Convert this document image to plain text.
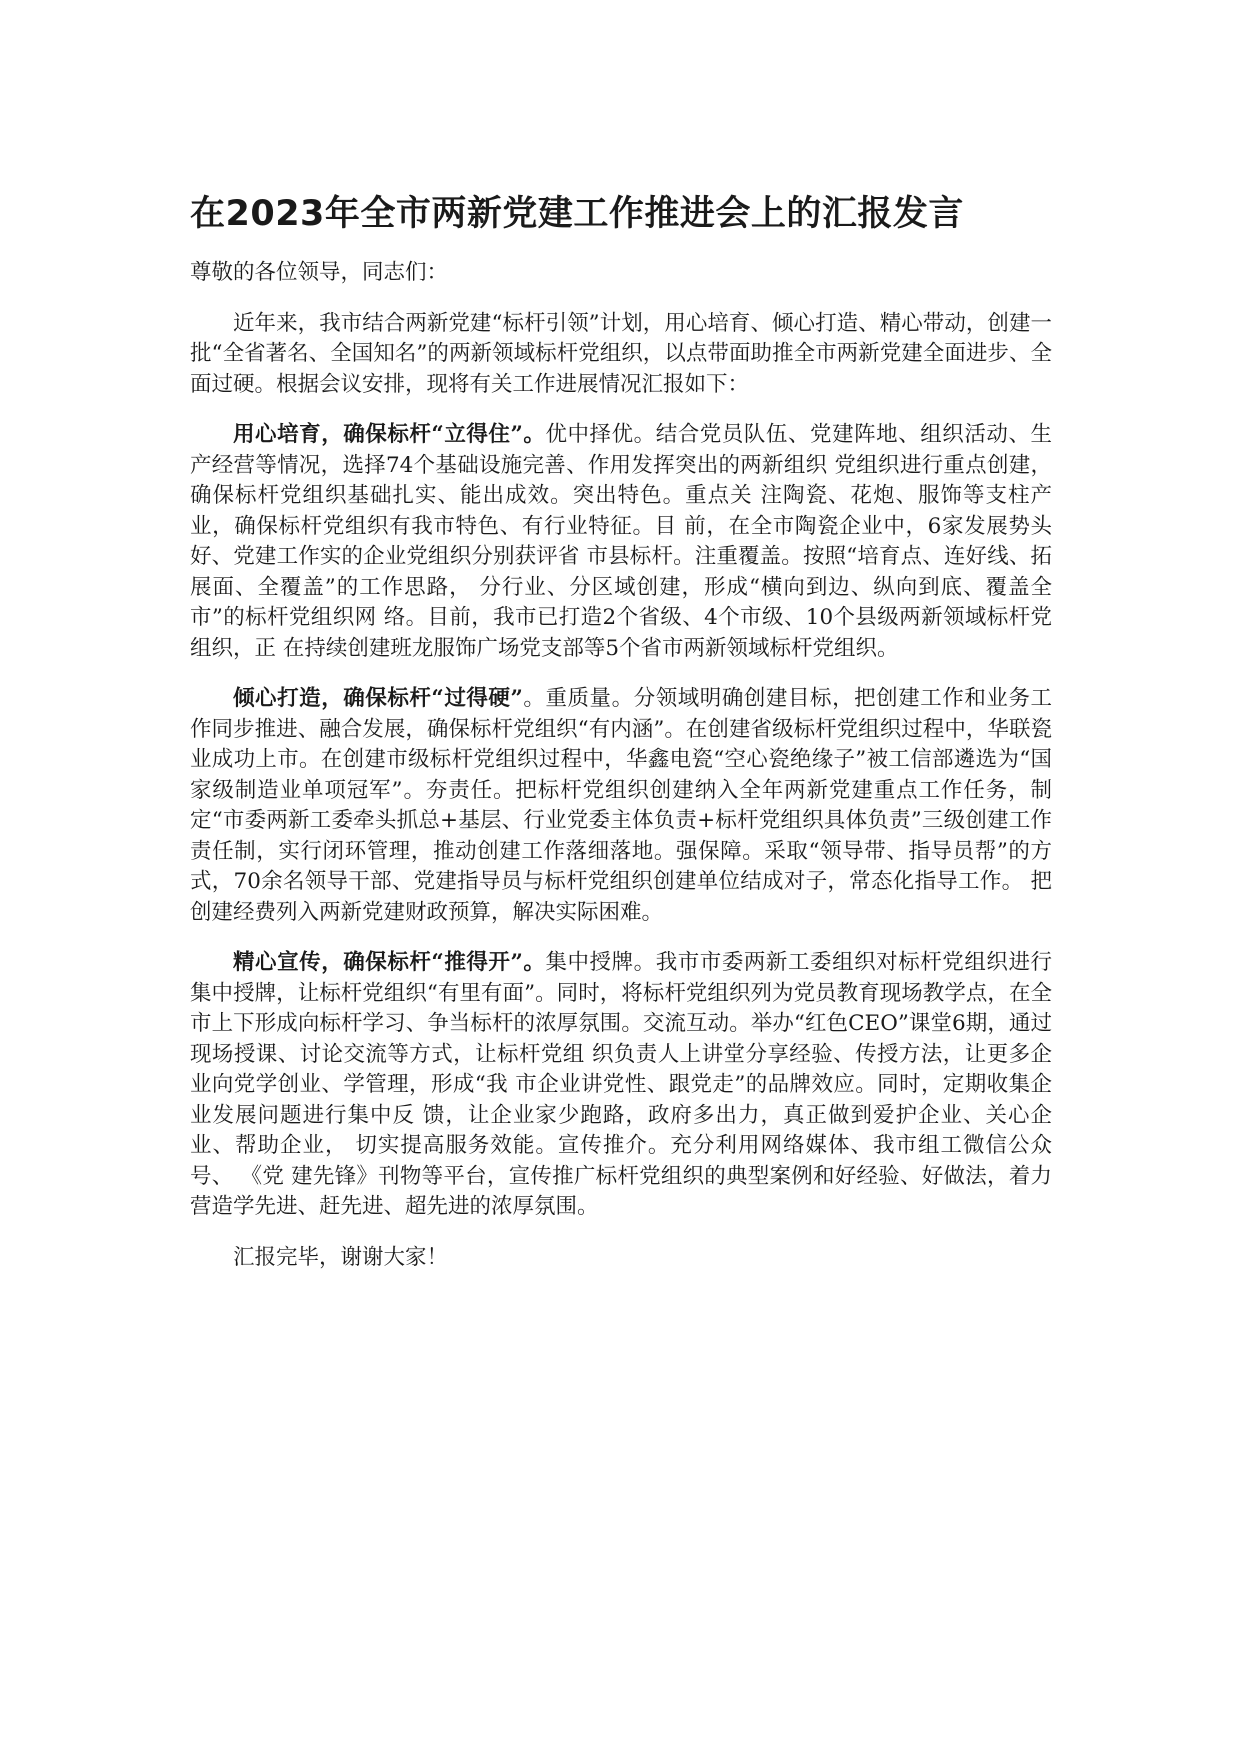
在2023年全市两新党建工作推进会上的汇报发言

尊敬的各位领导，同志们：

近年来，我市结合两新党建“标杆引领”计划，用心培育、倾心打造、精心带动，创建一批“全省著名、全国知名”的两新领域标杆党组织，以点带面助推全市两新党建全面进步、全面过硬。根据会议安排，现将有关工作进展情况汇报如下：

用心培育，确保标杆“立得住”。优中择优。结合党员队伍、党建阵地、组织活动、生产经营等情况，选择74个基础设施完善、作用发挥突出的两新组织 党组织进行重点创建，确保标杆党组织基础扎实、能出成效。突出特色。重点关 注陶瓷、花炮、服饰等支柱产业，确保标杆党组织有我市特色、有行业特征。目 前，在全市陶瓷企业中，6家发展势头好、党建工作实的企业党组织分别获评省 市县标杆。注重覆盖。按照“培育点、连好线、拓展面、全覆盖”的工作思路， 分行业、分区域创建，形成“横向到边、纵向到底、覆盖全市”的标杆党组织网 络。目前，我市已打造2个省级、4个市级、10个县级两新领域标杆党组织，正 在持续创建班龙服饰广场党支部等5个省市两新领域标杆党组织。

倾心打造，确保标杆“过得硬”。重质量。分领域明确创建目标，把创建工作和业务工作同步推进、融合发展，确保标杆党组织“有内涵”。在创建省级标杆党组织过程中，华联瓷业成功上市。在创建市级标杆党组织过程中，华鑫电瓷“空心瓷绝缘子”被工信部遴选为“国家级制造业单项冠军”。夯责任。把标杆党组织创建纳入全年两新党建重点工作任务，制定“市委两新工委牵头抓总+基层、行业党委主体负责+标杆党组织具体负责”三级创建工作责任制，实行闭环管理，推动创建工作落细落地。强保障。采取“领导带、指导员帮”的方式，70余名领导干部、党建指导员与标杆党组织创建单位结成对子，常态化指导工作。 把创建经费列入两新党建财政预算，解决实际困难。

精心宣传，确保标杆“推得开”。集中授牌。我市市委两新工委组织对标杆党组织进行集中授牌，让标杆党组织“有里有面”。同时，将标杆党组织列为党员教育现场教学点，在全市上下形成向标杆学习、争当标杆的浓厚氛围。交流互动。举办“红色CEO”课堂6期，通过现场授课、讨论交流等方式，让标杆党组 织负责人上讲堂分享经验、传授方法，让更多企业向党学创业、学管理，形成“我 市企业讲党性、跟党走”的品牌效应。同时，定期收集企业发展问题进行集中反 馈，让企业家少跑路，政府多出力，真正做到爱护企业、关心企业、帮助企业， 切实提高服务效能。宣传推介。充分利用网络媒体、我市组工微信公众号、 《党 建先锋》刊物等平台，宣传推广标杆党组织的典型案例和好经验、好做法，着力 营造学先进、赶先进、超先进的浓厚氛围。

汇报完毕，谢谢大家！
